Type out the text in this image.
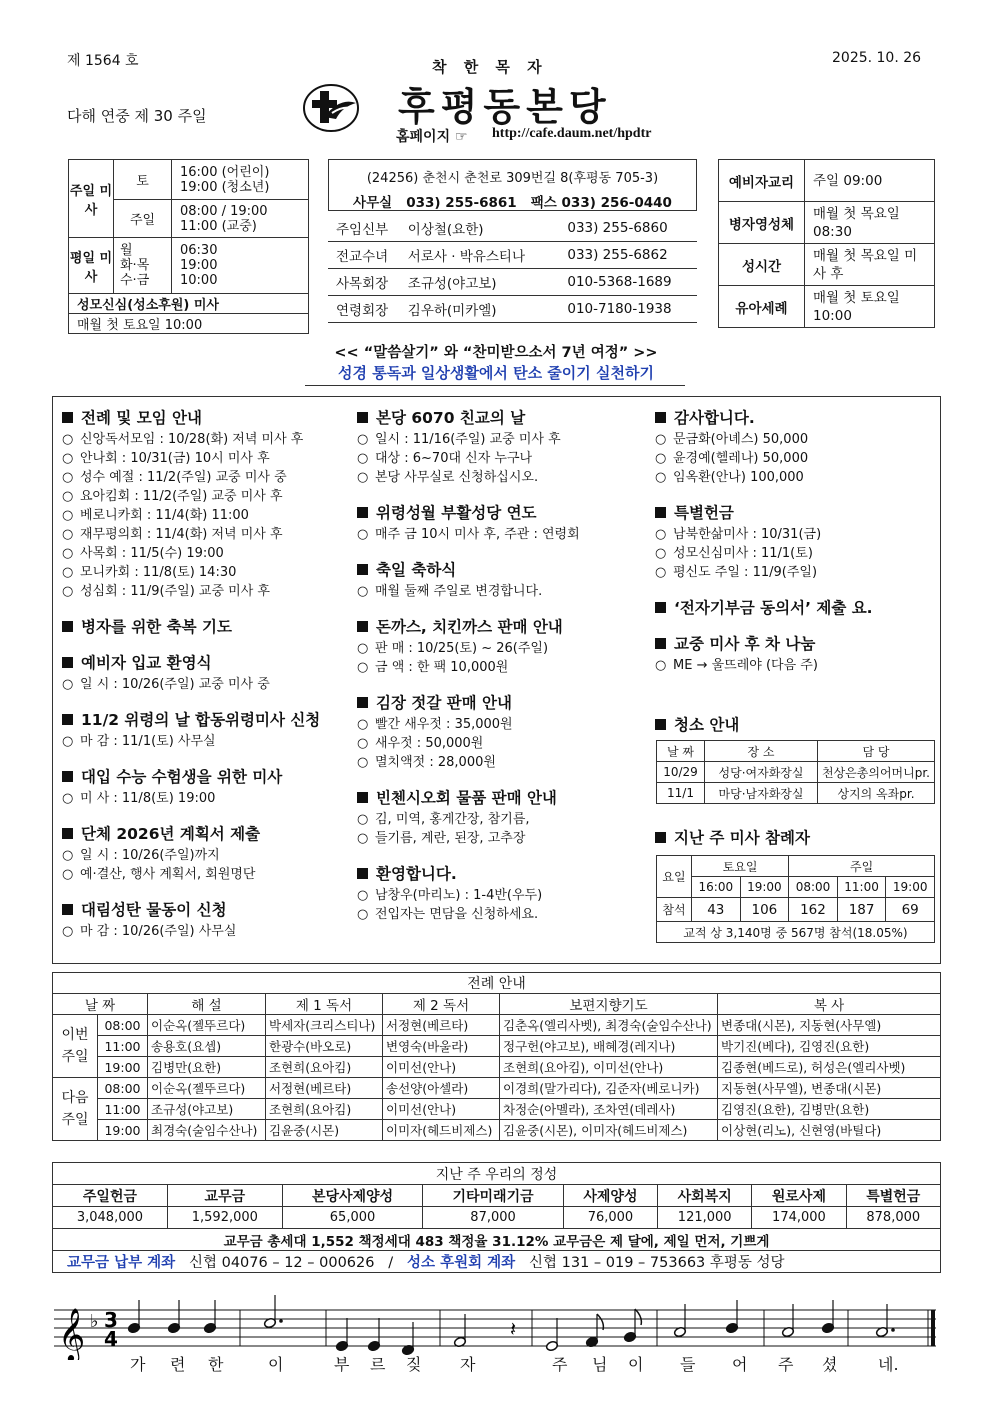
제 1564 호	2025. 10. 26
다해 연중 제 30 주일
착 한 목 자
후평동본당
홈페이지 ☞ http://cafe.daum.net/hpdtr
주일 미사	토	16:00 (어린이)
19:00 (청소년)
	주일	08:00 / 19:00
11:00 (교중)
평일 미사	월
화·목
수·금	06:30
19:00
10:00
성모신심(성소후원) 미사		
매월 첫 토요일 10:00		
(24256) 춘천시 춘천로 309번길 8(후평동 705-3)
사무실   033) 255-6861   팩스 033) 256-0440
주임신부	이상철(요한)	033) 255-6860
전교수녀	서로사 · 박유스티나	033) 255-6862
사목회장	조규성(야고보)	010-5368-1689
연령회장	김우하(미카엘)	010-7180-1938
예비자교리	주일 09:00
병자영성체	매월 첫 목요일 08:30
성시간	매월 첫 목요일 미사 후
유아세례	매월 첫 토요일 10:00
<< “말씀살기” 와 “찬미받으소서 7년 여정” >>
성경 통독과 일상생활에서 탄소 줄이기 실천하기
전례 및 모임 안내
○ 신앙독서모임 : 10/28(화) 저녁 미사 후
○ 안나회 : 10/31(금) 10시 미사 후
○ 성수 예절 : 11/2(주일) 교중 미사 중
○ 요아킴회 : 11/2(주일) 교중 미사 후
○ 베로니카회 : 11/4(화) 11:00
○ 재무평의회 : 11/4(화) 저녁 미사 후
○ 사목회 : 11/5(수) 19:00
○ 모니카회 : 11/8(토) 14:30
○ 성심회 : 11/9(주일) 교중 미사 후
병자를 위한 축복 기도
예비자 입교 환영식
○ 일 시 : 10/26(주일) 교중 미사 중
11/2 위령의 날 합동위령미사 신청
○ 마 감 : 11/1(토) 사무실
대입 수능 수험생을 위한 미사
○ 미 사 : 11/8(토) 19:00
단체 2026년 계획서 제출
○ 일 시 : 10/26(주일)까지
○ 예·결산, 행사 계획서, 회원명단
대림성탄 물동이 신청
○ 마 감 : 10/26(주일) 사무실
본당 6070 친교의 날
○ 일시 : 11/16(주일) 교중 미사 후
○ 대상 : 6~70대 신자 누구나
○ 본당 사무실로 신청하십시오.
위령성월 부활성당 연도
○ 매주 금 10시 미사 후, 주관 : 연령회
축일 축하식
○ 매월 둘째 주일로 변경합니다.
돈까스, 치킨까스 판매 안내
○ 판 매 : 10/25(토) ~ 26(주일)
○ 금 액 : 한 팩 10,000원
김장 젓갈 판매 안내
○ 빨간 새우젓 : 35,000원
○ 새우젓 : 50,000원
○ 멸치액젓 : 28,000원
빈첸시오회 물품 판매 안내
○ 김, 미역, 홍게간장, 참기름,
○ 들기름, 계란, 된장, 고추장
환영합니다.
○ 남창우(마리노) : 1-4반(우두)
○ 전입자는 면담을 신청하세요.
감사합니다.
○ 문금화(아녜스) 50,000
○ 윤경예(헬레나) 50,000
○ 임옥환(안나) 100,000
특별헌금
○ 남북한삶미사 : 10/31(금)
○ 성모신심미사 : 11/1(토)
○ 평신도 주일 : 11/9(주일)
‘전자기부금 동의서’ 제출 요.
교중 미사 후 차 나눔
○ ME → 울뜨레야 (다음 주)
청소 안내
날 짜	장 소	담 당
10/29	성당·여자화장실	천상은총의어머니pr.
11/1	마당·남자화장실	상지의 옥좌pr.
지난 주 미사 참례자
요일	토요일		주일		
	16:00	19:00	08:00	11:00	19:00
참석	43	106	162	187	69
교적 상 3,140명 중 567명 참석(18.05%)					
전례 안내						
날 짜		해 설	제 1 독서	제 2 독서	보편지향기도	복 사
이번
주일	08:00	이순옥(젤뚜르다)	박세자(크리스티나)	서정현(베르타)	김춘옥(엘리사벳), 최경숙(술임수산나)	변종대(시몬), 지동현(사무엘)
	11:00	송용호(요셉)	한광수(바오로)	변영숙(바울라)	정구헌(야고보), 배혜경(레지나)	박기진(베다), 김영진(요한)
	19:00	김병만(요한)	조현희(요아킴)	이미선(안나)	조현희(요아킴), 이미선(안나)	김종현(베드로), 허성은(엘리사벳)
다음
주일	08:00	이순옥(젤뚜르다)	서정현(베르타)	송선양(아셀라)	이경희(말가리다), 김준자(베로니카)	지동현(사무엘), 변종대(시몬)
	11:00	조규성(야고보)	조현희(요아킴)	이미선(안나)	차정순(아멜라), 조차연(데레사)	김영진(요한), 김병만(요한)
	19:00	최경숙(술임수산나)	김윤중(시몬)	이미자(헤드비제스)	김윤중(시몬), 이미자(헤드비제스)	이상현(리노), 신현영(바틸다)
지난 주 우리의 정성							
주일헌금	교무금	본당사제양성	기타미래기금	사제양성	사회복지	원로사제	특별헌금
3,048,000	1,592,000	65,000	87,000	76,000	121,000	174,000	878,000
교무금 총세대 1,552 책정세대 483 책정율 31.12% 교무금은 제 달에, 제일 먼저, 기쁘게							
교무금 납부 계좌 신협 04076 – 12 – 000626   / 성소 후원회 계좌 신협 131 – 019 – 753663 후평동 성당							
𝄞 ♭ 3
4	𝄽
가 련 한	이	부 르 짖 자	주 님 이 들 어 주 셨	네.
